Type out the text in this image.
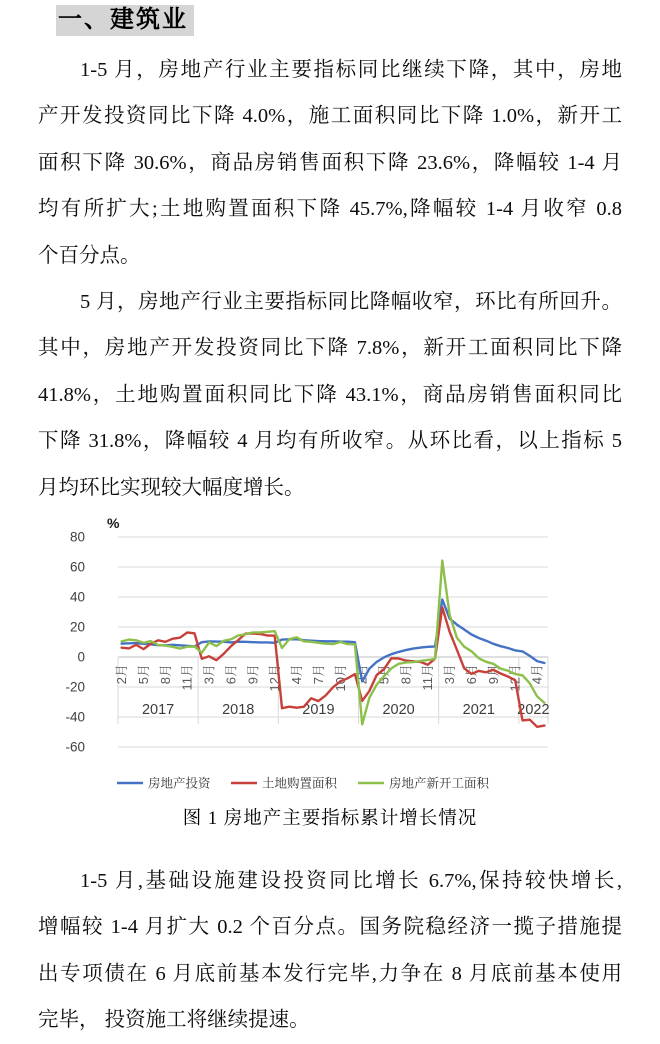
一、建筑业
1-5 月，房地产行业主要指标同比继续下降，其中，房地
产开发投资同比下降 4.0%，施工面积同比下降 1.0%，新开工
面积下降 30.6%，商品房销售面积下降 23.6%，降幅较 1-4 月
均有所扩大;土地购置面积下降 45.7%,降幅较 1-4 月收窄 0.8
个百分点。
5 月，房地产行业主要指标同比降幅收窄，环比有所回升。
其中，房地产开发投资同比下降 7.8%，新开工面积同比下降
41.8%，土地购置面积同比下降 43.1%，商品房销售面积同比
下降 31.8%，降幅较 4 月均有所收窄。从环比看，以上指标 5
月均环比实现较大幅度增长。
80
60
40
20
0
-20
-40
-60
%
2017	2018	2019	2020	2021 2022
2月 5月 8月 11月 3月 6月 9月 12月 4月 7月 10月 2月 5月 8月 11月 3月 6月 9月 12月 4月
房地产投资	土地购置面积	房地产新开工面积
图 1 房地产主要指标累计增长情况
1-5 月,基础设施建设投资同比增长 6.7%,保持较快增长,
增幅较 1-4 月扩大 0.2 个百分点。国务院稳经济一揽子措施提
出专项债在 6 月底前基本发行完毕,力争在 8 月底前基本使用
完毕， 投资施工将继续提速。
